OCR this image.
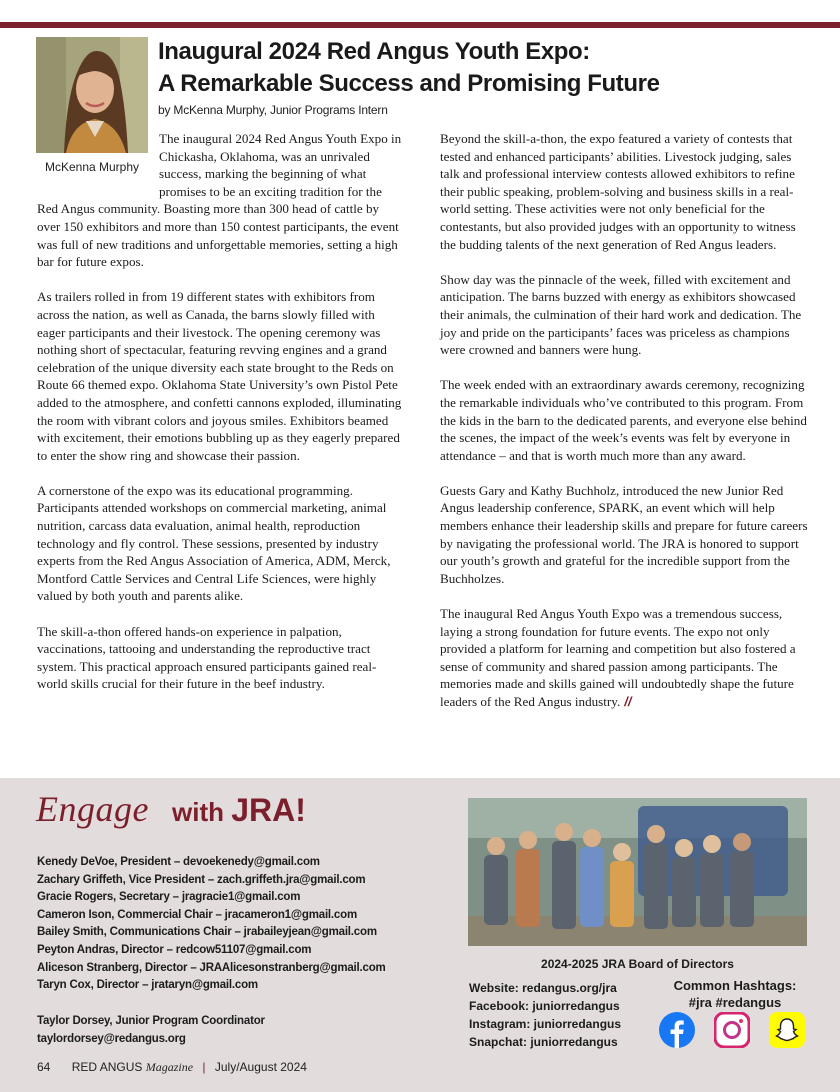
McKenna Murphy
Inaugural 2024 Red Angus Youth Expo:
A Remarkable Success and Promising Future
by McKenna Murphy, Junior Programs Intern

The inaugural 2024 Red Angus Youth Expo in Chickasha, Oklahoma, was an unrivaled success, marking the beginning of what promises to be an exciting tradition for the Red Angus community. Boasting more than 300 head of cattle by over 150 exhibitors and more than 150 contest participants, the event was full of new traditions and unforgettable memories, setting a high bar for future expos.

As trailers rolled in from 19 different states with exhibitors from across the nation, as well as Canada, the barns slowly filled with eager participants and their livestock. The opening ceremony was nothing short of spectacular, featuring revving engines and a grand celebration of the unique diversity each state brought to the Reds on Route 66 themed expo. Oklahoma State University’s own Pistol Pete added to the atmosphere, and confetti cannons exploded, illuminating the room with vibrant colors and joyous smiles. Exhibitors beamed with excitement, their emotions bubbling up as they eagerly prepared to enter the show ring and showcase their passion.

A cornerstone of the expo was its educational programming. Participants attended workshops on commercial marketing, animal nutrition, carcass data evaluation, animal health, reproduction technology and fly control. These sessions, presented by industry experts from the Red Angus Association of America, ADM, Merck, Montford Cattle Services and Central Life Sciences, were highly valued by both youth and parents alike.

The skill-a-thon offered hands-on experience in palpation, vaccinations, tattooing and understanding the reproductive tract system. This practical approach ensured participants gained real-world skills crucial for their future in the beef industry.

Beyond the skill-a-thon, the expo featured a variety of contests that tested and enhanced participants’ abilities. Livestock judging, sales talk and professional interview contests allowed exhibitors to refine their public speaking, problem-solving and business skills in a real-world setting. These activities were not only beneficial for the contestants, but also provided judges with an opportunity to witness the budding talents of the next generation of Red Angus leaders.

Show day was the pinnacle of the week, filled with excitement and anticipation. The barns buzzed with energy as exhibitors showcased their animals, the culmination of their hard work and dedication. The joy and pride on the participants’ faces was priceless as champions were crowned and banners were hung.

The week ended with an extraordinary awards ceremony, recognizing the remarkable individuals who’ve contributed to this program. From the kids in the barn to the dedicated parents, and everyone else behind the scenes, the impact of the week’s events was felt by everyone in attendance – and that is worth much more than any award.

Guests Gary and Kathy Buchholz, introduced the new Junior Red Angus leadership conference, SPARK, an event which will help members enhance their leadership skills and prepare for future careers by navigating the professional world. The JRA is honored to support our youth’s growth and grateful for the incredible support from the Buchholzes.

The inaugural Red Angus Youth Expo was a tremendous success, laying a strong foundation for future events. The expo not only provided a platform for learning and competition but also fostered a sense of community and shared passion among participants. The memories made and skills gained will undoubtedly shape the future leaders of the Red Angus industry. //

Engage with JRA!
Kenedy DeVoe, President – devoekenedy@gmail.com
Zachary Griffeth, Vice President – zach.griffeth.jra@gmail.com
Gracie Rogers, Secretary – jragracie1@gmail.com
Cameron Ison, Commercial Chair – jracameron1@gmail.com
Bailey Smith, Communications Chair – jrabaileyjean@gmail.com
Peyton Andras, Director – redcow51107@gmail.com
Aliceson Stranberg, Director – JRAAlicesonstranberg@gmail.com
Taryn Cox, Director – jrataryn@gmail.com
Taylor Dorsey, Junior Program Coordinator
taylordorsey@redangus.org
2024-2025 JRA Board of Directors
Website: redangus.org/jra
Facebook: juniorredangus
Instagram: juniorredangus
Snapchat: juniorredangus
Common Hashtags:
#jra #redangus
64 RED ANGUS Magazine | July/August 2024
